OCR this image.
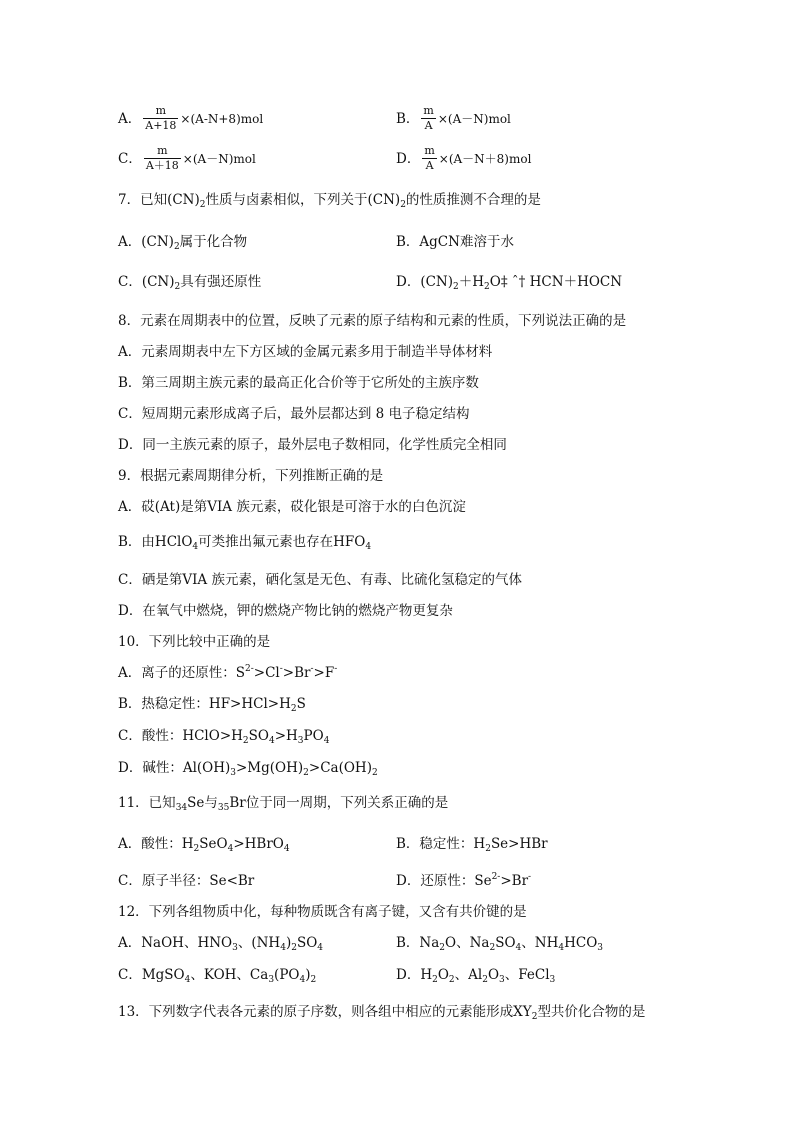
A． $\frac{m}{A+18} \times(A-N+8)mol$	B． $\frac{m}{A} \times(A-N)mol$
C． $\frac{m}{A+18} \times(A-N)mol$	D． $\frac{m}{A} \times(A-N+8)mol$
7．已知$(CN)_2$性质与卤素相似，下列关于$(CN)_2$的性质推测不合理的是
A．$(CN)_2$属于化合物	B．AgCN难溶于水
C．$(CN)_2$具有强还原性	D．$(CN)_2+H_2O\ddagger$ ˆ† HCN＋HOCN
8．元素在周期表中的位置，反映了元素的原子结构和元素的性质，下列说法正确的是
A．元素周期表中左下方区域的金属元素多用于制造半导体材料
B．第三周期主族元素的最高正化合价等于它所处的主族序数
C．短周期元素形成离子后，最外层都达到 8 电子稳定结构
D．同一主族元素的原子，最外层电子数相同，化学性质完全相同
9．根据元素周期律分析，下列推断正确的是
A．砹(At)是第VIA 族元素，砹化银是可溶于水的白色沉淀
B．由HClO$_4$可类推出氟元素也存在$HFO_4$
C．硒是第VIA 族元素，硒化氢是无色、有毒、比硫化氢稳定的气体
D．在氧气中燃烧，钾的燃烧产物比钠的燃烧产物更复杂
10．下列比较中正确的是
A．离子的还原性：$S^{2-}>Cl^->Br^->F^-$
B．热稳定性：$HF>HCl>H_2S$
C．酸性：$HClO>H_2SO_4>H_3PO_4$
D．碱性：$Al(OH)_3>Mg(OH)_2>Ca(OH)_2$
11．已知$_{34}$Se与$_{35}$Br位于同一周期，下列关系正确的是
A．酸性：$H_2SeO_4>HBrO_4$	B．稳定性：$H_2Se>HBr$
C．原子半径：Se<Br	D．还原性：$Se^{2-}>Br^-$
12．下列各组物质中化，每种物质既含有离子键，又含有共价键的是
A．NaOH、$HNO_3$、$(NH_4)_2SO_4$	B．$Na_2O$、$Na_2SO_4$、$NH_4HCO_3$
C．MgSO$_4$、KOH、$Ca_3(PO_4)_2$	D．$H_2O_2$、$Al_2O_3$、FeCl$_3$
13．下列数字代表各元素的原子序数，则各组中相应的元素能形成$XY_2$型共价化合物的是
